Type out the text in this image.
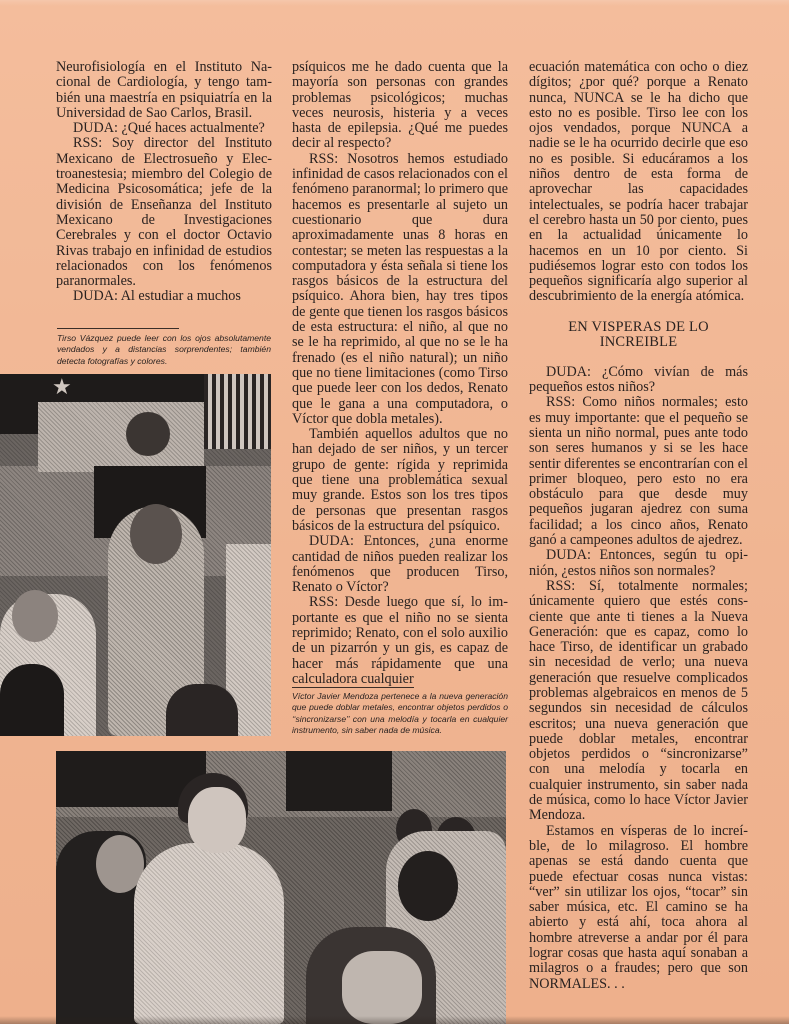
Neurofisiología en el Instituto Nacional de Cardiología, y tengo también una maestría en psiquiatría en la Universidad de Sao Carlos, Brasil.

DUDA: ¿Qué haces actualmente?

RSS: Soy director del Instituto Mexicano de Electrosueño y Electroanestesia; miembro del Colegio de Medicina Psicosomática; jefe de la división de Enseñanza del Instituto Mexicano de Investigaciones Cerebrales y con el doctor Octavio Rivas trabajo en infinidad de estudios relacionados con los fenómenos paranormales.

DUDA: Al estudiar a muchos

Tirso Vázquez puede leer con los ojos absolutamente vendados y a distancias sorprendentes; también detecta fotografías y colores.
★

psíquicos me he dado cuenta que la mayoría son personas con grandes problemas psicológicos; muchas veces neurosis, histeria y a veces hasta de epilepsia. ¿Qué me puedes decir al respecto?

RSS: Nosotros hemos estudiado infinidad de casos relacionados con el fenómeno paranormal; lo primero que hacemos es presentarle al sujeto un cuestionario que dura aproximadamente unas 8 horas en contestar; se meten las respuestas a la computadora y ésta señala si tiene los rasgos básicos de la estructura del psíquico. Ahora bien, hay tres tipos de gente que tienen los rasgos básicos de esta estructura: el niño, al que no se le ha reprimido, al que no se le ha frenado (es el niño natural); un niño que no tiene limitaciones (como Tirso que puede leer con los dedos, Renato que le gana a una computadora, o Víctor que dobla metales).

También aquellos adultos que no han dejado de ser niños, y un tercer grupo de gente: rígida y reprimida que tiene una problemática sexual muy grande. Estos son los tres tipos de personas que presentan rasgos básicos de la estructura del psíquico.

DUDA: Entonces, ¿una enorme cantidad de niños pueden realizar los fenómenos que producen Tirso, Renato o Víctor?

RSS: Desde luego que sí, lo importante es que el niño no se sienta reprimido; Renato, con el solo auxilio de un pizarrón y un gis, es capaz de hacer más rápidamente que una calculadora cualquier

Víctor Javier Mendoza pertenece a la nueva generación que puede doblar metales, encontrar objetos perdidos o ‘‘sincronizarse’’ con una melodía y tocarla en cualquier instrumento, sin saber nada de música.

ecuación matemática con ocho o diez dígitos; ¿por qué? porque a Renato nunca, NUNCA se le ha dicho que esto no es posible. Tirso lee con los ojos vendados, porque NUNCA a nadie se le ha ocurrido decirle que eso no es posible. Si educáramos a los niños dentro de esta forma de aprovechar las capacidades intelectuales, se podría hacer trabajar el cerebro hasta un 50 por ciento, pues en la actualidad únicamente lo hacemos en un 10 por ciento. Si pudiésemos lograr esto con todos los pequeños significaría algo superior al descubrimiento de la energía atómica.

EN VISPERAS DE LO
INCREIBLE

DUDA: ¿Cómo vivían de más pequeños estos niños?

RSS: Como niños normales; esto es muy importante: que el pequeño se sienta un niño normal, pues ante todo son seres humanos y si se les hace sentir diferentes se encontrarían con el primer bloqueo, pero esto no era obstáculo para que desde muy pequeños jugaran ajedrez con suma facilidad; a los cinco años, Renato ganó a campeones adultos de ajedrez.

DUDA: Entonces, según tu opinión, ¿estos niños son normales?

RSS: Sí, totalmente normales; únicamente quiero que estés consciente que ante ti tienes a la Nueva Generación: que es capaz, como lo hace Tirso, de identificar un grabado sin necesidad de verlo; una nueva generación que resuelve complicados problemas algebraicos en menos de 5 segundos sin necesidad de cálculos escritos; una nueva generación que puede doblar metales, encontrar objetos perdidos o “sincronizarse” con una melodía y tocarla en cualquier instrumento, sin saber nada de música, como lo hace Víctor Javier Mendoza.

Estamos en vísperas de lo increíble, de lo milagroso. El hombre apenas se está dando cuenta que puede efectuar cosas nunca vistas: “ver” sin utilizar los ojos, “tocar” sin saber música, etc. El camino se ha abierto y está ahí, toca ahora al hombre atreverse a andar por él para lograr cosas que hasta aquí sonaban a milagros o a fraudes; pero que son NORMALES. . .
